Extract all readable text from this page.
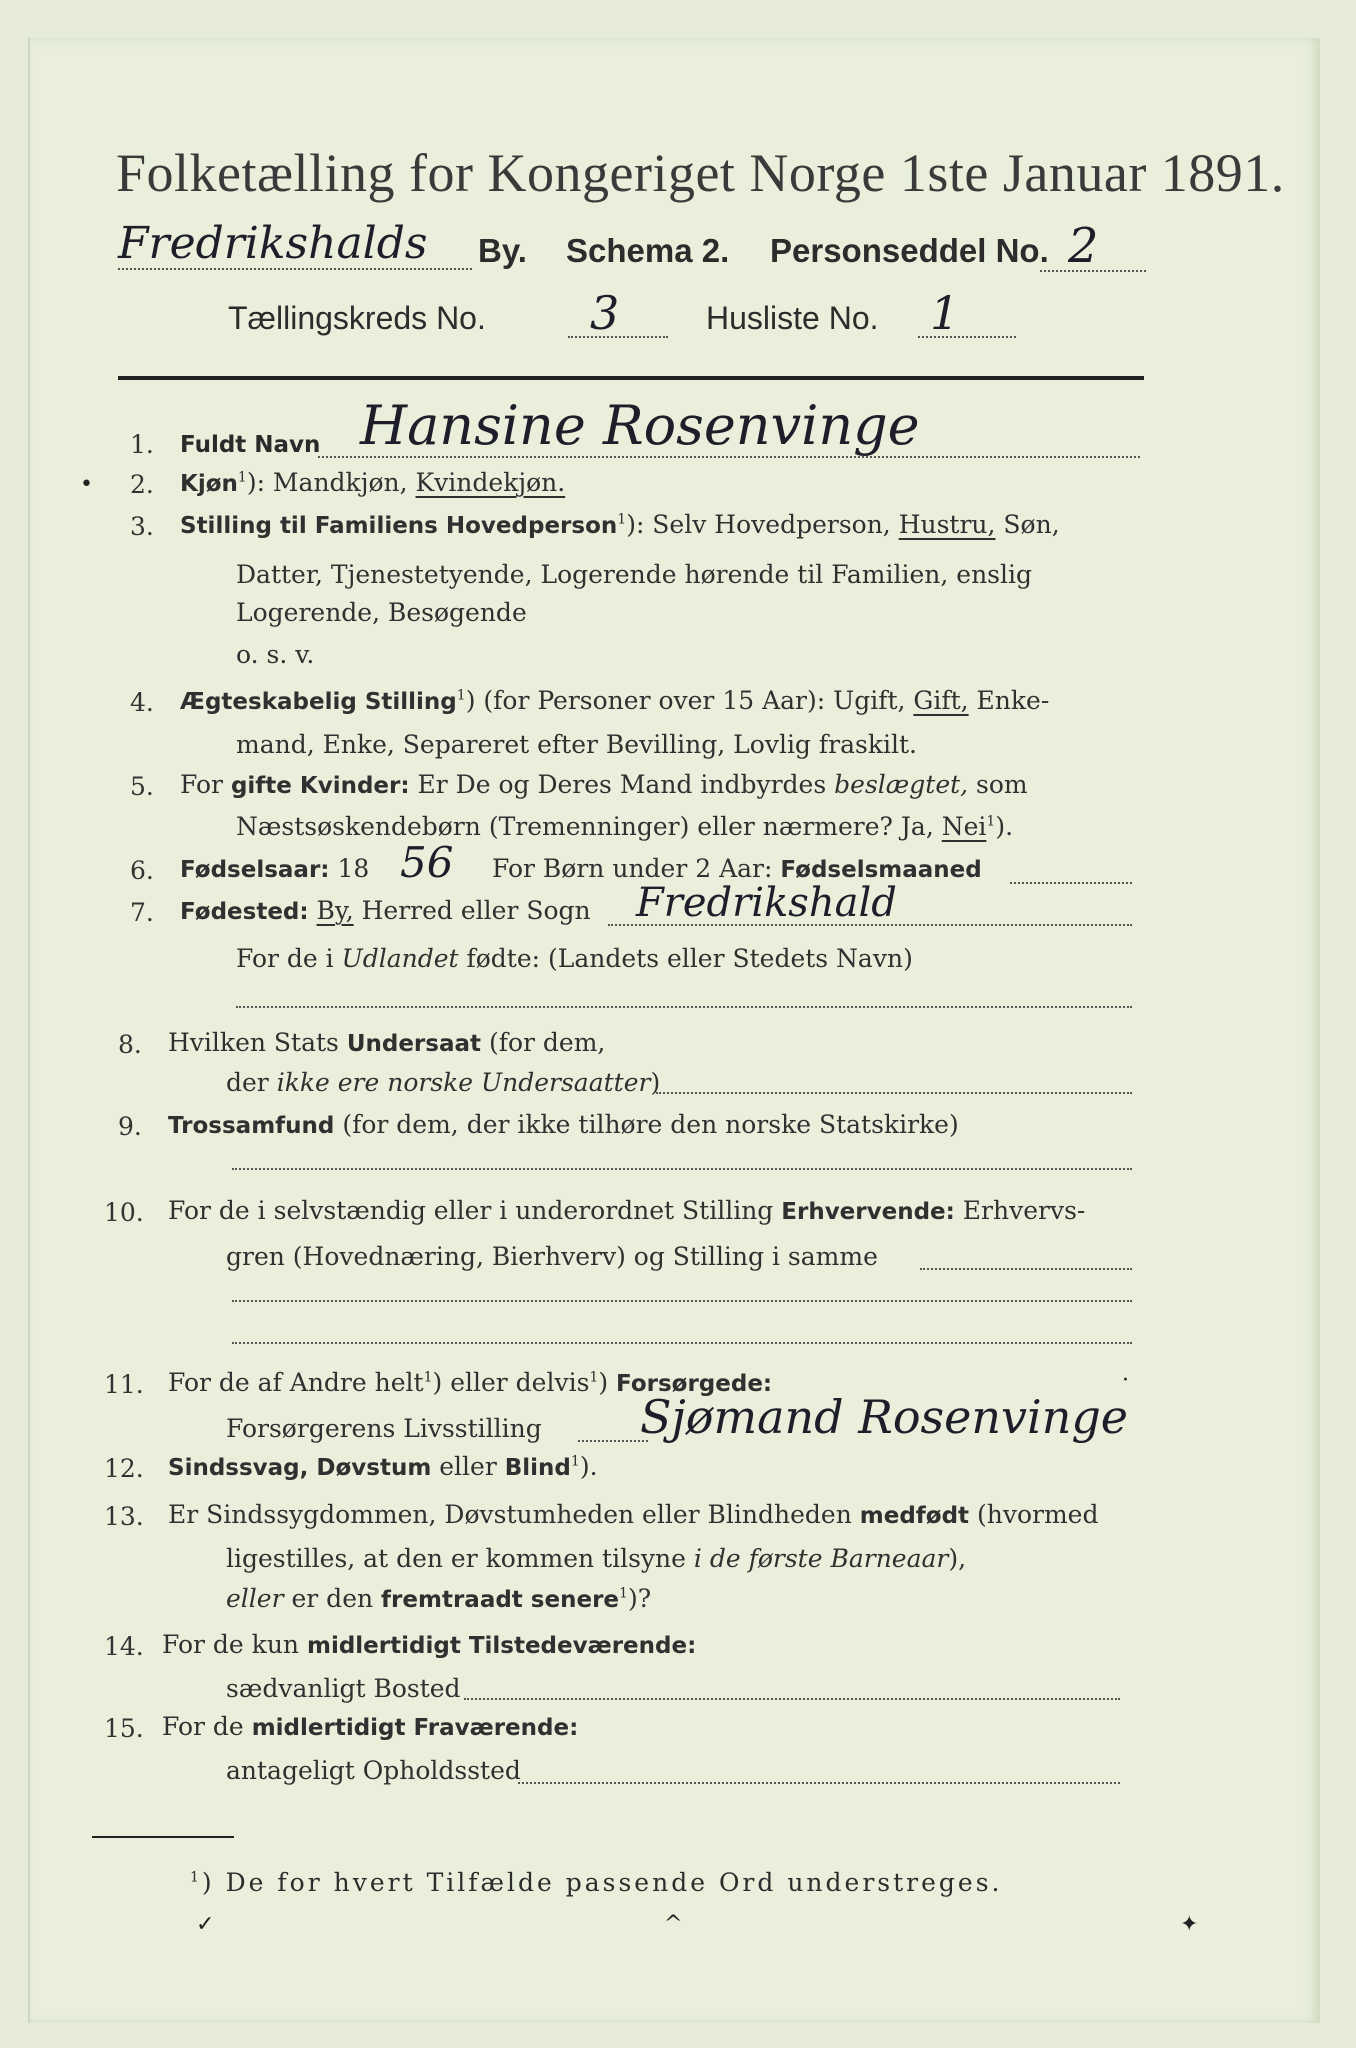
Folketælling for Kongeriget Norge 1ste Januar 1891.
Fredrikshalds By. Schema 2. Personseddel No. 2
Tællingskreds No. 3	Husliste No. 1
1. Fuldt Navn Hansine Rosenvinge
• 2. Kjøn$^1$): Mandkjøn, Kvindekjøn.
3. Stilling til Familiens Hovedperson$^1$): Selv Hovedperson, Hustru, Søn,
Datter, Tjenestetyende, Logerende hørende til Familien, enslig
Logerende, Besøgende
o. s. v.
4. Ægteskabelig Stilling$^1$) (for Personer over 15 Aar): Ugift, Gift, Enke-
mand, Enke, Separeret efter Bevilling, Lovlig fraskilt.
5. For gifte Kvinder: Er De og Deres Mand indbyrdes beslægtet, som
Næstsøskendebørn (Tremenninger) eller nærmere? Ja, Nei$^1$).
6. Fødselsaar: 18 56 For Børn under 2 Aar: Fødselsmaaned
7. Fødested: By, Herred eller Sogn Fredrikshald
For de i Udlandet fødte: (Landets eller Stedets Navn)
8. Hvilken Stats Undersaat (for dem,
der ikke ere norske Undersaatter)
9. Trossamfund (for dem, der ikke tilhøre den norske Statskirke)
10. For de i selvstændig eller i underordnet Stilling Erhvervende: Erhvervs-
gren (Hovednæring, Bierhverv) og Stilling i samme
11. For de af Andre helt$^1$) eller delvis$^1$) Forsørgede:	·
Forsørgerens Livsstilling Sjømand Rosenvinge
12. Sindssvag, Døvstum eller Blind$^1$).
13. Er Sindssygdommen, Døvstumheden eller Blindheden medfødt (hvormed
ligestilles, at den er kommen tilsyne i de første Barneaar),
eller er den fremtraadt senere$^1$)?
14. For de kun midlertidigt Tilstedeværende:
sædvanligt Bosted
15. For de midlertidigt Fraværende:
antageligt Opholdssted
$^1$) De for hvert Tilfælde passende Ord understreges.
✓	^	✦
